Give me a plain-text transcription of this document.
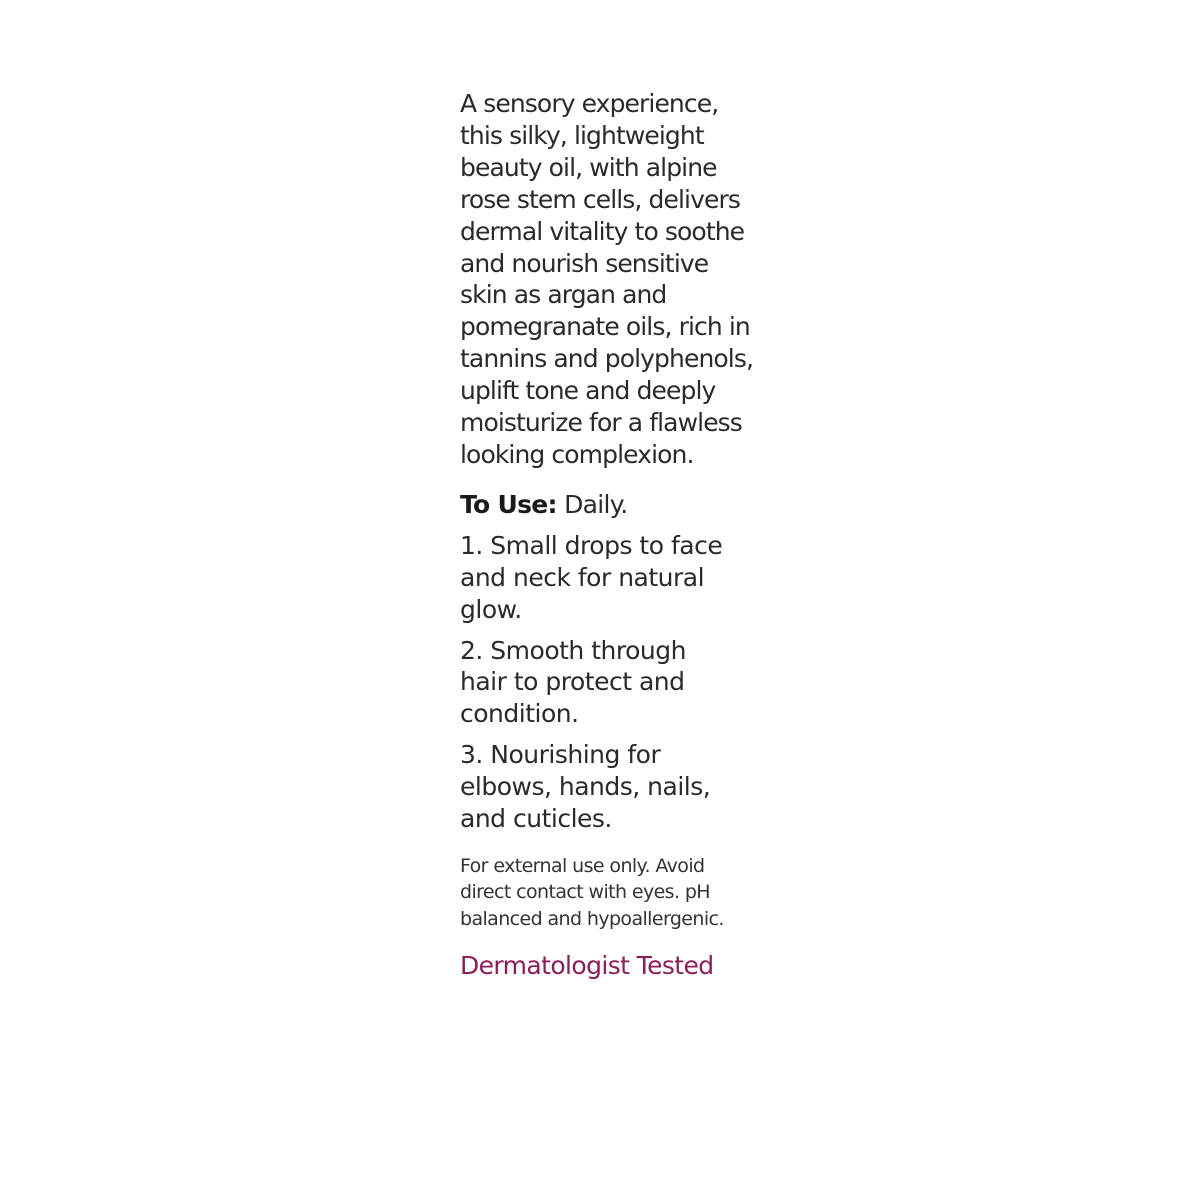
A sensory experience,
this silky, lightweight
beauty oil, with alpine
rose stem cells, delivers
dermal vitality to soothe
and nourish sensitive
skin as argan and
pomegranate oils, rich in
tannins and polyphenols,
uplift tone and deeply
moisturize for a flawless
looking complexion.

To Use: Daily.
1. Small drops to face
and neck for natural
glow.
2. Smooth through
hair to protect and
condition.
3. Nourishing for
elbows, hands, nails,
and cuticles.
For external use only. Avoid
direct contact with eyes. pH
balanced and hypoallergenic.
Dermatologist Tested
